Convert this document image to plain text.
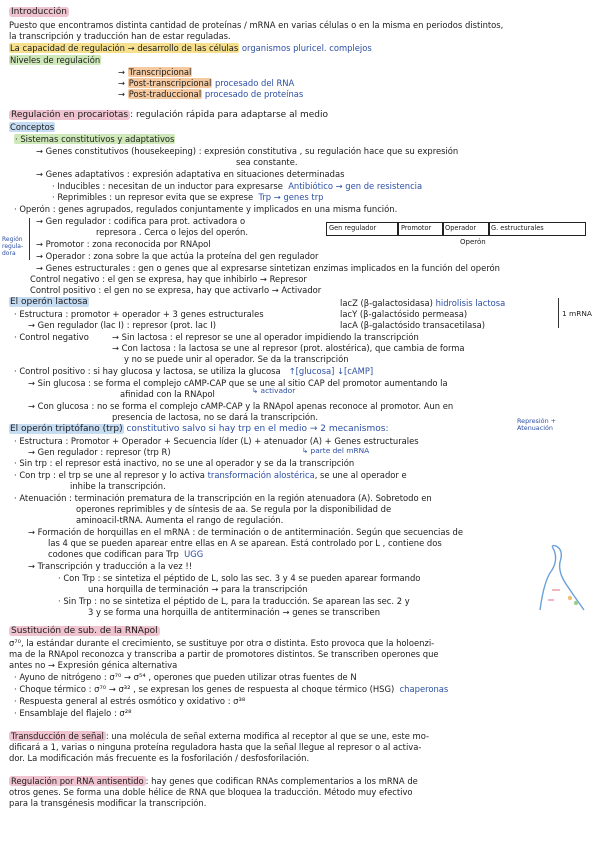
Introducción
Puesto que encontramos distinta cantidad de proteínas / mRNA en varias células o en la misma en periodos distintos,
la transcripción y traducción han de estar reguladas.
La capacidad de regulación → desarrollo de las células organismos pluricel. complejos
Niveles de regulación
→ Transcripcional
→ Post-transcripcional procesado del RNA
→ Post-traduccional procesado de proteínas
Regulación en procariotas : regulación rápida para adaptarse al medio
Conceptos
· Sistemas constitutivos y adaptativos
→ Genes constitutivos (housekeeping) : expresión constitutiva , su regulación hace que su expresión
sea constante.
→ Genes adaptativos : expresión adaptativa en situaciones determinadas
· Inducibles : necesitan de un inductor para expresarse Antibiótico → gen de resistencia
· Reprimibles : un represor evita que se exprese Trp → genes trp
· Operón : genes agrupados, regulados conjuntamente y implicados en una misma función.
→ Gen regulador : codifica para prot. activadora o
represora . Cerca o lejos del operón.	Gen regulador	Promotor Operador G. estructurales
Operón
Región regula- dora
→ Promotor : zona reconocida por RNApol
→ Operador : zona sobre la que actúa la proteína del gen regulador
→ Genes estructurales : gen o genes que al expresarse sintetizan enzimas implicados en la función del operón
Control negativo : el gen se expresa, hay que inhibirlo → Represor
Control positivo : el gen no se expresa, hay que activarlo → Activador
El operón lactosa
· Estructura : promotor + operador + 3 genes estructurales
lacZ (β-galactosidasa) hidrolisis lactosa
lacY (β-galactósido permeasa)
lacA (β-galactósido transacetilasa)
1 mRNA
→ Gen regulador (lac I) : represor (prot. lac I)
· Control negativo	→ Sin lactosa : el represor se une al operador impidiendo la transcripción
→ Con lactosa : la lactosa se une al represor (prot. alostérica), que cambia de forma
y no se puede unir al operador. Se da la transcripción
· Control positivo : si hay glucosa y lactosa, se utiliza la glucosa ↑[glucosa] ↓[cAMP]
→ Sin glucosa : se forma el complejo cAMP-CAP que se une al sitio CAP del promotor aumentando la
afinidad con la RNApol	↳ activador
→ Con glucosa : no se forma el complejo cAMP-CAP y la RNApol apenas reconoce al promotor. Aun en
presencia de lactosa, no se dará la transcripción.
El operón triptófano (trp) constitutivo salvo si hay trp en el medio → 2 mecanismos:
Represión + Atenuación
· Estructura : Promotor + Operador + Secuencia líder (L) + atenuador (A) + Genes estructurales
→ Gen regulador : represor (trp R)	↳ parte del mRNA
· Sin trp : el represor está inactivo, no se une al operador y se da la transcripción
· Con trp : el trp se une al represor y lo activa transformación alostérica, se une al operador e
inhibe la transcripción.
· Atenuación : terminación prematura de la transcripción en la región atenuadora (A). Sobretodo en
operones reprimibles y de síntesis de aa. Se regula por la disponibilidad de
aminoacil-tRNA. Aumenta el rango de regulación.
→ Formación de horquillas en el mRNA : de terminación o de antiterminación. Según que secuencias de
las 4 que se pueden aparear entre ellas en A se aparean. Está controlado por L , contiene dos
codones que codifican para Trp UGG
→ Transcripción y traducción a la vez !!
· Con Trp : se sintetiza el péptido de L, solo las sec. 3 y 4 se pueden aparear formando
una horquilla de terminación → para la transcripción
· Sin Trp : no se sintetiza el péptido de L, para la traducción. Se aparean las sec. 2 y
3 y se forma una horquilla de antiterminación → genes se transcriben
Sustitución de sub. de la RNApol
σ⁷⁰, la estándar durante el crecimiento, se sustituye por otra σ distinta. Esto provoca que la holoenzi-
ma de la RNApol reconozca y transcriba a partir de promotores distintos. Se transcriben operones que
antes no → Expresión génica alternativa
· Ayuno de nitrógeno : σ⁷⁰ → σ⁵⁴ , operones que pueden utilizar otras fuentes de N
· Choque térmico : σ⁷⁰ → σ³² , se expresan los genes de respuesta al choque térmico (HSG) chaperonas
· Respuesta general al estrés osmótico y oxidativo : σ³⁸
· Ensamblaje del flajelo : σ²⁸
Transducción de señal : una molécula de señal externa modifica al receptor al que se une, este mo-
dificará a 1, varias o ninguna proteína reguladora hasta que la señal llegue al represor o al activa-
dor. La modificación más frecuente es la fosforilación / desfosforilación.
Regulación por RNA antisentido : hay genes que codifican RNAs complementarios a los mRNA de
otros genes. Se forma una doble hélice de RNA que bloquea la traducción. Método muy efectivo
para la transgénesis modificar la transcripción.
